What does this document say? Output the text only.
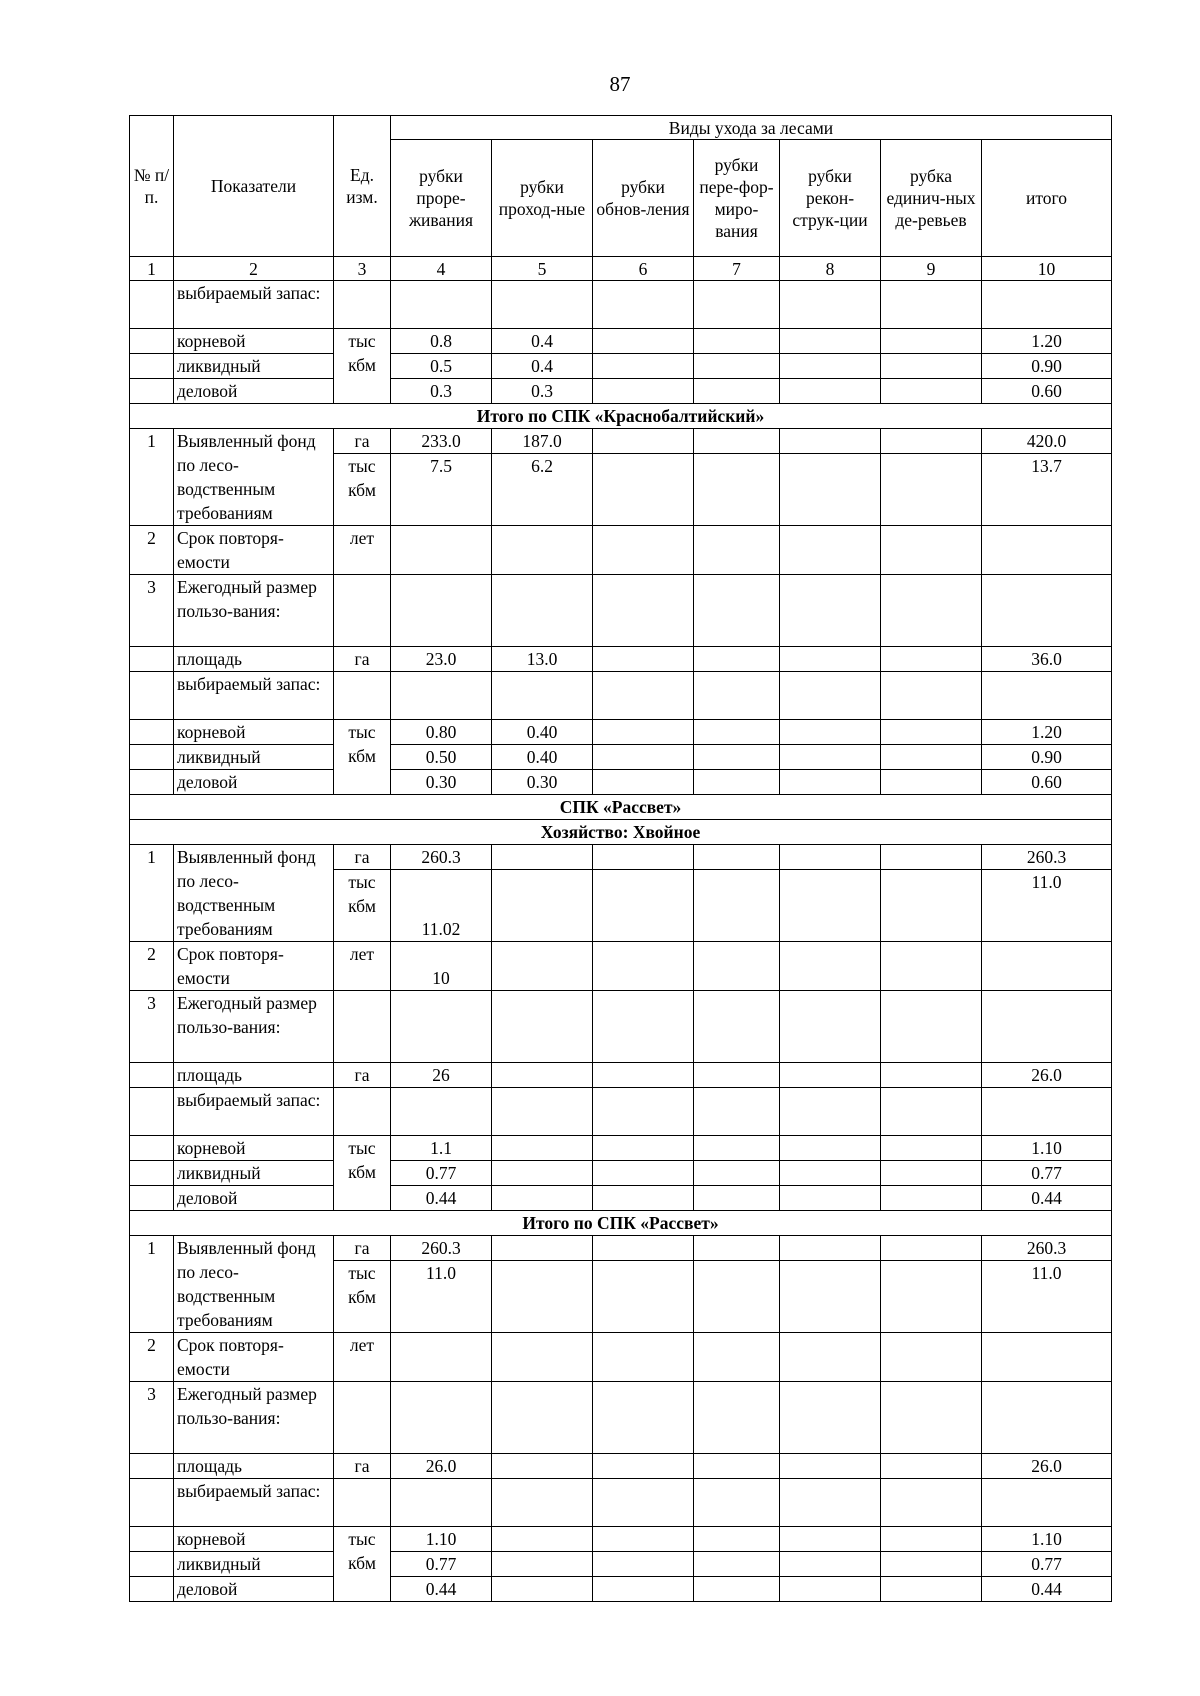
87
№ п/п.	Показатели	Ед. изм.	Виды ухода за лесами						
			рубки проре-живания	рубки проход-ные	рубки обнов-ления	рубки пере-фор-миро-вания	рубки рекон-струк-ции	рубка единич-ных де-ревьев	итого
1	2	3	4	5	6	7	8	9	10
	выбираемый запас:								
	корневой	тыс кбм	0.8	0.4					1.20
	ликвидный		0.5	0.4					0.90
	деловой		0.3	0.3					0.60
Итого по СПК «Краснобалтийский»									
1	Выявленный фонд по лесо-водственным требованиям	га	233.0	187.0					420.0
		тыс кбм	7.5	6.2					13.7
2	Срок повторя-емости	лет							
3	Ежегодный размер пользо-вания:								
	площадь	га	23.0	13.0					36.0
	выбираемый запас:								
	корневой	тыс кбм	0.80	0.40					1.20
	ликвидный		0.50	0.40					0.90
	деловой		0.30	0.30					0.60
СПК «Рассвет»									
Хозяйство: Хвойное									
1	Выявленный фонд по лесо-водственным требованиям	га	260.3						260.3
		тыс кбм	11.02						11.0
2	Срок повторя-емости	лет	10						
3	Ежегодный размер пользо-вания:								
	площадь	га	26						26.0
	выбираемый запас:								
	корневой	тыс кбм	1.1						1.10
	ликвидный		0.77						0.77
	деловой		0.44						0.44
Итого по СПК «Рассвет»									
1	Выявленный фонд по лесо-водственным требованиям	га	260.3						260.3
		тыс кбм	11.0						11.0
2	Срок повторя-емости	лет							
3	Ежегодный размер пользо-вания:								
	площадь	га	26.0						26.0
	выбираемый запас:								
	корневой	тыс кбм	1.10						1.10
	ликвидный		0.77						0.77
	деловой		0.44						0.44
